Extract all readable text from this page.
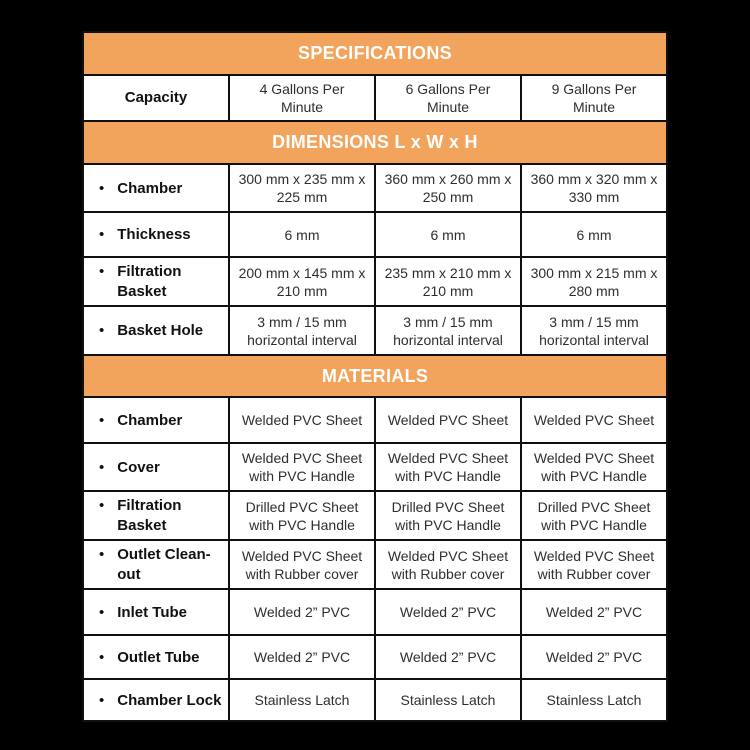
SPECIFICATIONS			
Capacity	4 Gallons Per Minute	6 Gallons Per Minute	9 Gallons Per Minute
DIMENSIONS L x W x H			

• Chamber	300 mm x 235 mm x 225 mm	360 mm x 260 mm x 250 mm	360 mm x 320 mm x 330 mm

• Thickness	6 mm	6 mm	6 mm

• Filtration Basket	200 mm x 145 mm x 210 mm	235 mm x 210 mm x 210 mm	300 mm x 215 mm x 280 mm

• Basket Hole	3 mm / 15 mm horizontal interval	3 mm / 15 mm horizontal interval	3 mm / 15 mm horizontal interval
MATERIALS			

• Chamber	Welded PVC Sheet	Welded PVC Sheet	Welded PVC Sheet

• Cover	Welded PVC Sheet with PVC Handle	Welded PVC Sheet with PVC Handle	Welded PVC Sheet with PVC Handle

• Filtration Basket	Drilled PVC Sheet with PVC Handle	Drilled PVC Sheet with PVC Handle	Drilled PVC Sheet with PVC Handle

• Outlet Clean-out	Welded PVC Sheet with Rubber cover	Welded PVC Sheet with Rubber cover	Welded PVC Sheet with Rubber cover

• Inlet Tube	Welded 2” PVC	Welded 2” PVC	Welded 2” PVC

• Outlet Tube	Welded 2” PVC	Welded 2” PVC	Welded 2” PVC

• Chamber Lock	Stainless Latch	Stainless Latch	Stainless Latch
